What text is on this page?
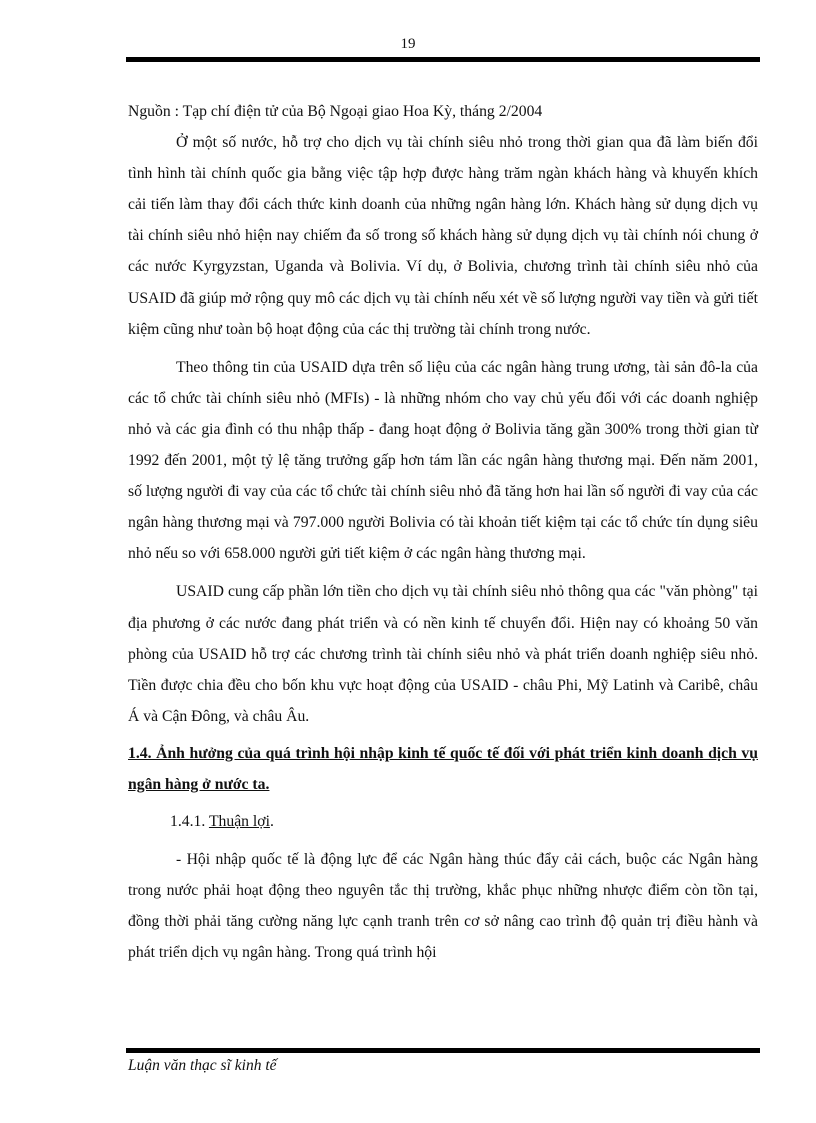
19

Nguồn : Tạp chí điện tử của Bộ Ngoại giao Hoa Kỳ, tháng 2/2004

Ở một số nước, hỗ trợ cho dịch vụ tài chính siêu nhỏ trong thời gian qua đã làm biến đổi tình hình tài chính quốc gia bằng việc tập hợp được hàng trăm ngàn khách hàng và khuyến khích cải tiến làm thay đổi cách thức kinh doanh của những ngân hàng lớn. Khách hàng sử dụng dịch vụ tài chính siêu nhỏ hiện nay chiếm đa số trong số khách hàng sử dụng dịch vụ tài chính nói chung ở các nước Kyrgyzstan, Uganda và Bolivia. Ví dụ, ở Bolivia, chương trình tài chính siêu nhỏ của USAID đã giúp mở rộng quy mô các dịch vụ tài chính nếu xét về số lượng người vay tiền và gửi tiết kiệm cũng như toàn bộ hoạt động của các thị trường tài chính trong nước.

Theo thông tin của USAID dựa trên số liệu của các ngân hàng trung ương, tài sản đô-la của các tổ chức tài chính siêu nhỏ (MFIs) - là những nhóm cho vay chủ yếu đối với các doanh nghiệp nhỏ và các gia đình có thu nhập thấp - đang hoạt động ở Bolivia tăng gần 300% trong thời gian từ 1992 đến 2001, một tỷ lệ tăng trưởng gấp hơn tám lần các ngân hàng thương mại. Đến năm 2001, số lượng người đi vay của các tổ chức tài chính siêu nhỏ đã tăng hơn hai lần số người đi vay của các ngân hàng thương mại và 797.000 người Bolivia có tài khoản tiết kiệm tại các tổ chức tín dụng siêu nhỏ nếu so với 658.000 người gửi tiết kiệm ở các ngân hàng thương mại.

USAID cung cấp phần lớn tiền cho dịch vụ tài chính siêu nhỏ thông qua các "văn phòng" tại địa phương ở các nước đang phát triển và có nền kinh tế chuyển đổi. Hiện nay có khoảng 50 văn phòng của USAID hỗ trợ các chương trình tài chính siêu nhỏ và phát triển doanh nghiệp siêu nhỏ. Tiền được chia đều cho bốn khu vực hoạt động của USAID - châu Phi, Mỹ Latinh và Caribê, châu Á và Cận Đông, và châu Âu.

1.4. Ảnh hưởng của quá trình hội nhập kinh tế quốc tế đối với phát triển kinh doanh dịch vụ ngân hàng ở nước ta.

1.4.1. Thuận lợi.

- Hội nhập quốc tế là động lực để các Ngân hàng thúc đẩy cải cách, buộc các Ngân hàng trong nước phải hoạt động theo nguyên tắc thị trường, khắc phục những nhược điểm còn tồn tại, đồng thời phải tăng cường năng lực cạnh tranh trên cơ sở nâng cao trình độ quản trị điều hành và phát triển dịch vụ ngân hàng. Trong quá trình hội

Luận văn thạc sĩ kinh tế
